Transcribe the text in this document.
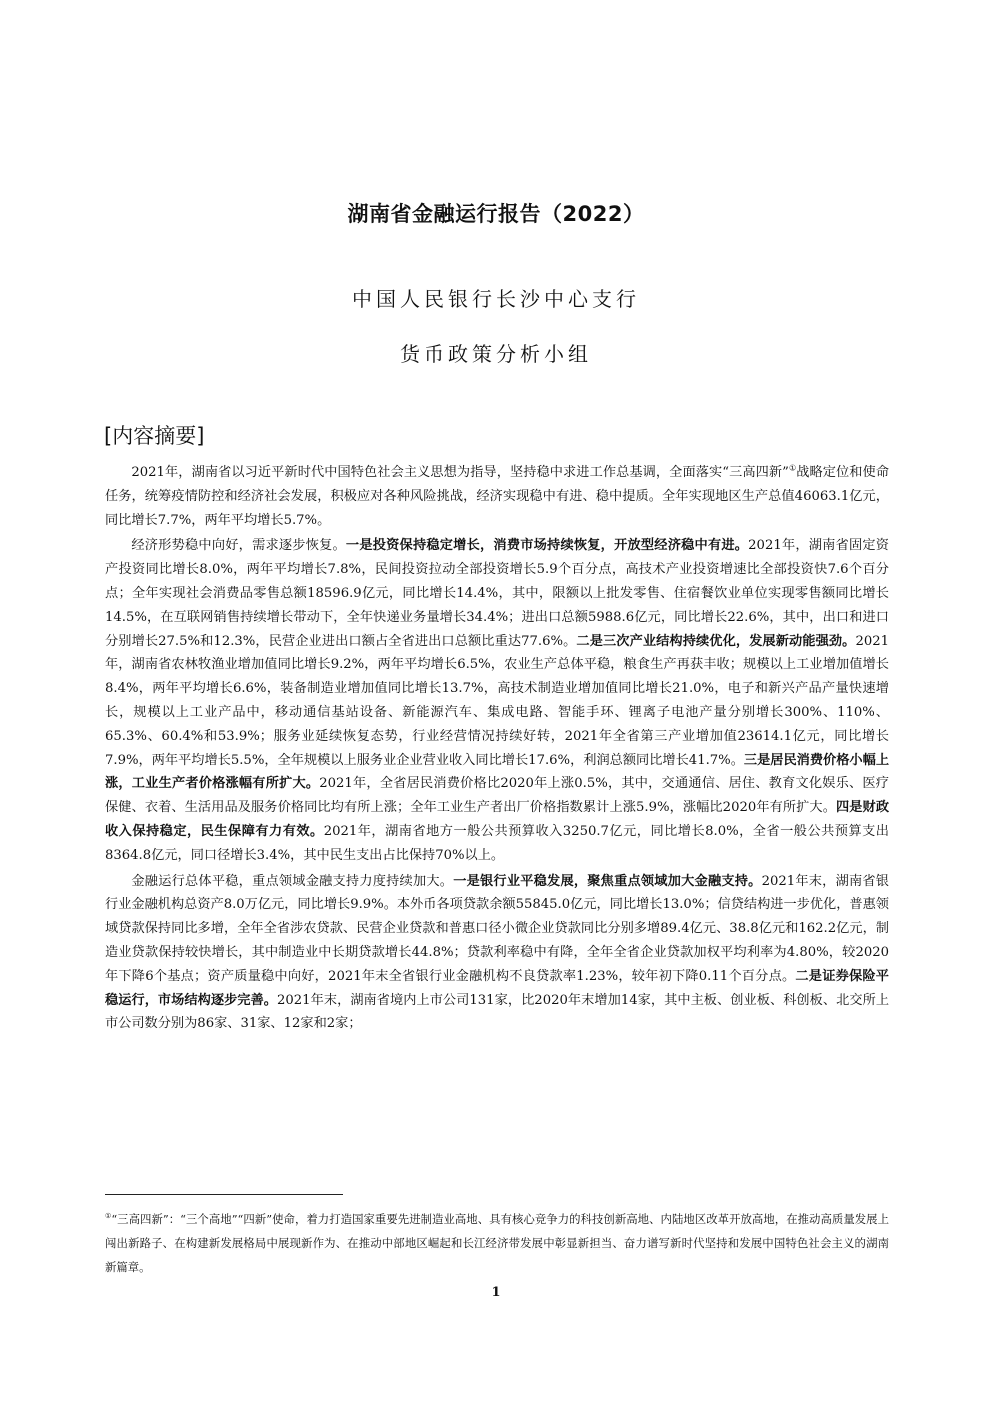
湖南省金融运行报告（2022）
中国人民银行长沙中心支行
货币政策分析小组
[内容摘要]

2021年，湖南省以习近平新时代中国特色社会主义思想为指导，坚持稳中求进工作总基调，全面落实“三高四新”①战略定位和使命任务，统筹疫情防控和经济社会发展，积极应对各种风险挑战，经济实现稳中有进、稳中提质。全年实现地区生产总值46063.1亿元，同比增长7.7%，两年平均增长5.7%。

经济形势稳中向好，需求逐步恢复。一是投资保持稳定增长，消费市场持续恢复，开放型经济稳中有进。2021年，湖南省固定资产投资同比增长8.0%，两年平均增长7.8%，民间投资拉动全部投资增长5.9个百分点，高技术产业投资增速比全部投资快7.6个百分点；全年实现社会消费品零售总额18596.9亿元，同比增长14.4%，其中，限额以上批发零售、住宿餐饮业单位实现零售额同比增长14.5%，在互联网销售持续增长带动下，全年快递业务量增长34.4%；进出口总额5988.6亿元，同比增长22.6%，其中，出口和进口分别增长27.5%和12.3%，民营企业进出口额占全省进出口总额比重达77.6%。二是三次产业结构持续优化，发展新动能强劲。2021年，湖南省农林牧渔业增加值同比增长9.2%，两年平均增长6.5%，农业生产总体平稳，粮食生产再获丰收；规模以上工业增加值增长8.4%，两年平均增长6.6%，装备制造业增加值同比增长13.7%，高技术制造业增加值同比增长21.0%，电子和新兴产品产量快速增长，规模以上工业产品中，移动通信基站设备、新能源汽车、集成电路、智能手环、锂离子电池产量分别增长300%、110%、65.3%、60.4%和53.9%；服务业延续恢复态势，行业经营情况持续好转，2021年全省第三产业增加值23614.1亿元，同比增长7.9%，两年平均增长5.5%，全年规模以上服务业企业营业收入同比增长17.6%，利润总额同比增长41.7%。三是居民消费价格小幅上涨，工业生产者价格涨幅有所扩大。2021年，全省居民消费价格比2020年上涨0.5%，其中，交通通信、居住、教育文化娱乐、医疗保健、衣着、生活用品及服务价格同比均有所上涨；全年工业生产者出厂价格指数累计上涨5.9%，涨幅比2020年有所扩大。四是财政收入保持稳定，民生保障有力有效。2021年，湖南省地方一般公共预算收入3250.7亿元，同比增长8.0%，全省一般公共预算支出8364.8亿元，同口径增长3.4%，其中民生支出占比保持70%以上。

金融运行总体平稳，重点领域金融支持力度持续加大。一是银行业平稳发展，聚焦重点领域加大金融支持。2021年末，湖南省银行业金融机构总资产8.0万亿元，同比增长9.9%。本外币各项贷款余额55845.0亿元，同比增长13.0%；信贷结构进一步优化，普惠领域贷款保持同比多增，全年全省涉农贷款、民营企业贷款和普惠口径小微企业贷款同比分别多增89.4亿元、38.8亿元和162.2亿元，制造业贷款保持较快增长，其中制造业中长期贷款增长44.8%；贷款利率稳中有降，全年全省企业贷款加权平均利率为4.80%，较2020年下降6个基点；资产质量稳中向好，2021年末全省银行业金融机构不良贷款率1.23%，较年初下降0.11个百分点。二是证券保险平稳运行，市场结构逐步完善。2021年末，湖南省境内上市公司131家，比2020年末增加14家，其中主板、创业板、科创板、北交所上市公司数分别为86家、31家、12家和2家；

①“三高四新”：“三个高地”“四新”使命，着力打造国家重要先进制造业高地、具有核心竞争力的科技创新高地、内陆地区改革开放高地，在推动高质量发展上闯出新路子、在构建新发展格局中展现新作为、在推动中部地区崛起和长江经济带发展中彰显新担当、奋力谱写新时代坚持和发展中国特色社会主义的湖南新篇章。
1
